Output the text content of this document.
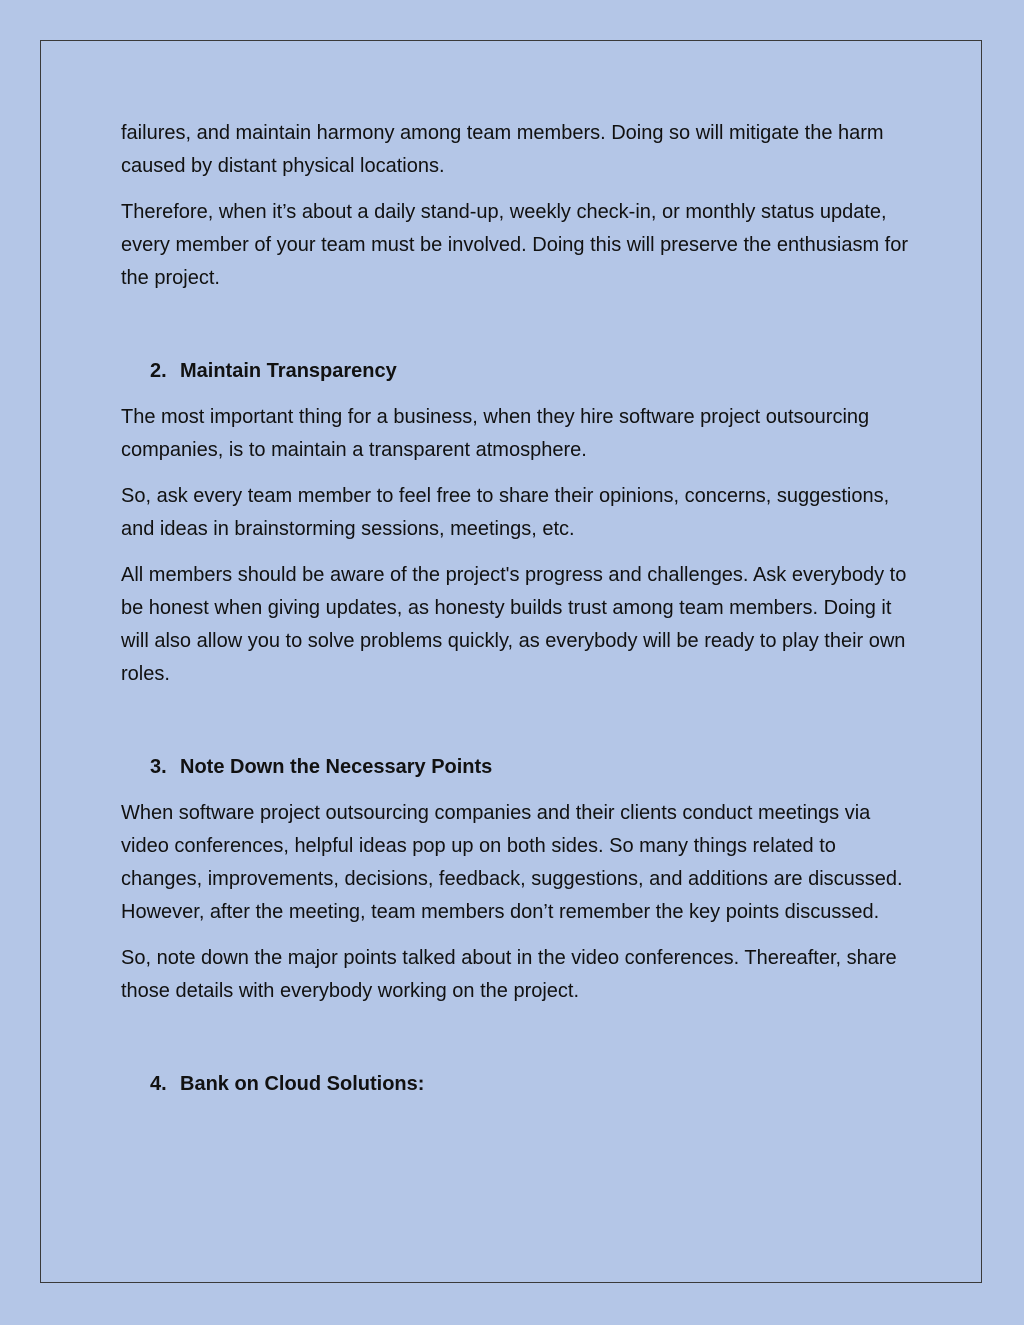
failures, and maintain harmony among team members. Doing so will mitigate the harm caused by distant physical locations.

Therefore, when it’s about a daily stand-up, weekly check-in, or monthly status update, every member of your team must be involved. Doing this will preserve the enthusiasm for the project.

2. Maintain Transparency

The most important thing for a business, when they hire software project outsourcing companies, is to maintain a transparent atmosphere.

So, ask every team member to feel free to share their opinions, concerns, suggestions, and ideas in brainstorming sessions, meetings, etc.

All members should be aware of the project's progress and challenges. Ask everybody to be honest when giving updates, as honesty builds trust among team members. Doing it will also allow you to solve problems quickly, as everybody will be ready to play their own roles.

3. Note Down the Necessary Points

When software project outsourcing companies and their clients conduct meetings via video conferences, helpful ideas pop up on both sides. So many things related to changes, improvements, decisions, feedback, suggestions, and additions are discussed. However, after the meeting, team members don’t remember the key points discussed.

So, note down the major points talked about in the video conferences. Thereafter, share those details with everybody working on the project.

4. Bank on Cloud Solutions:
